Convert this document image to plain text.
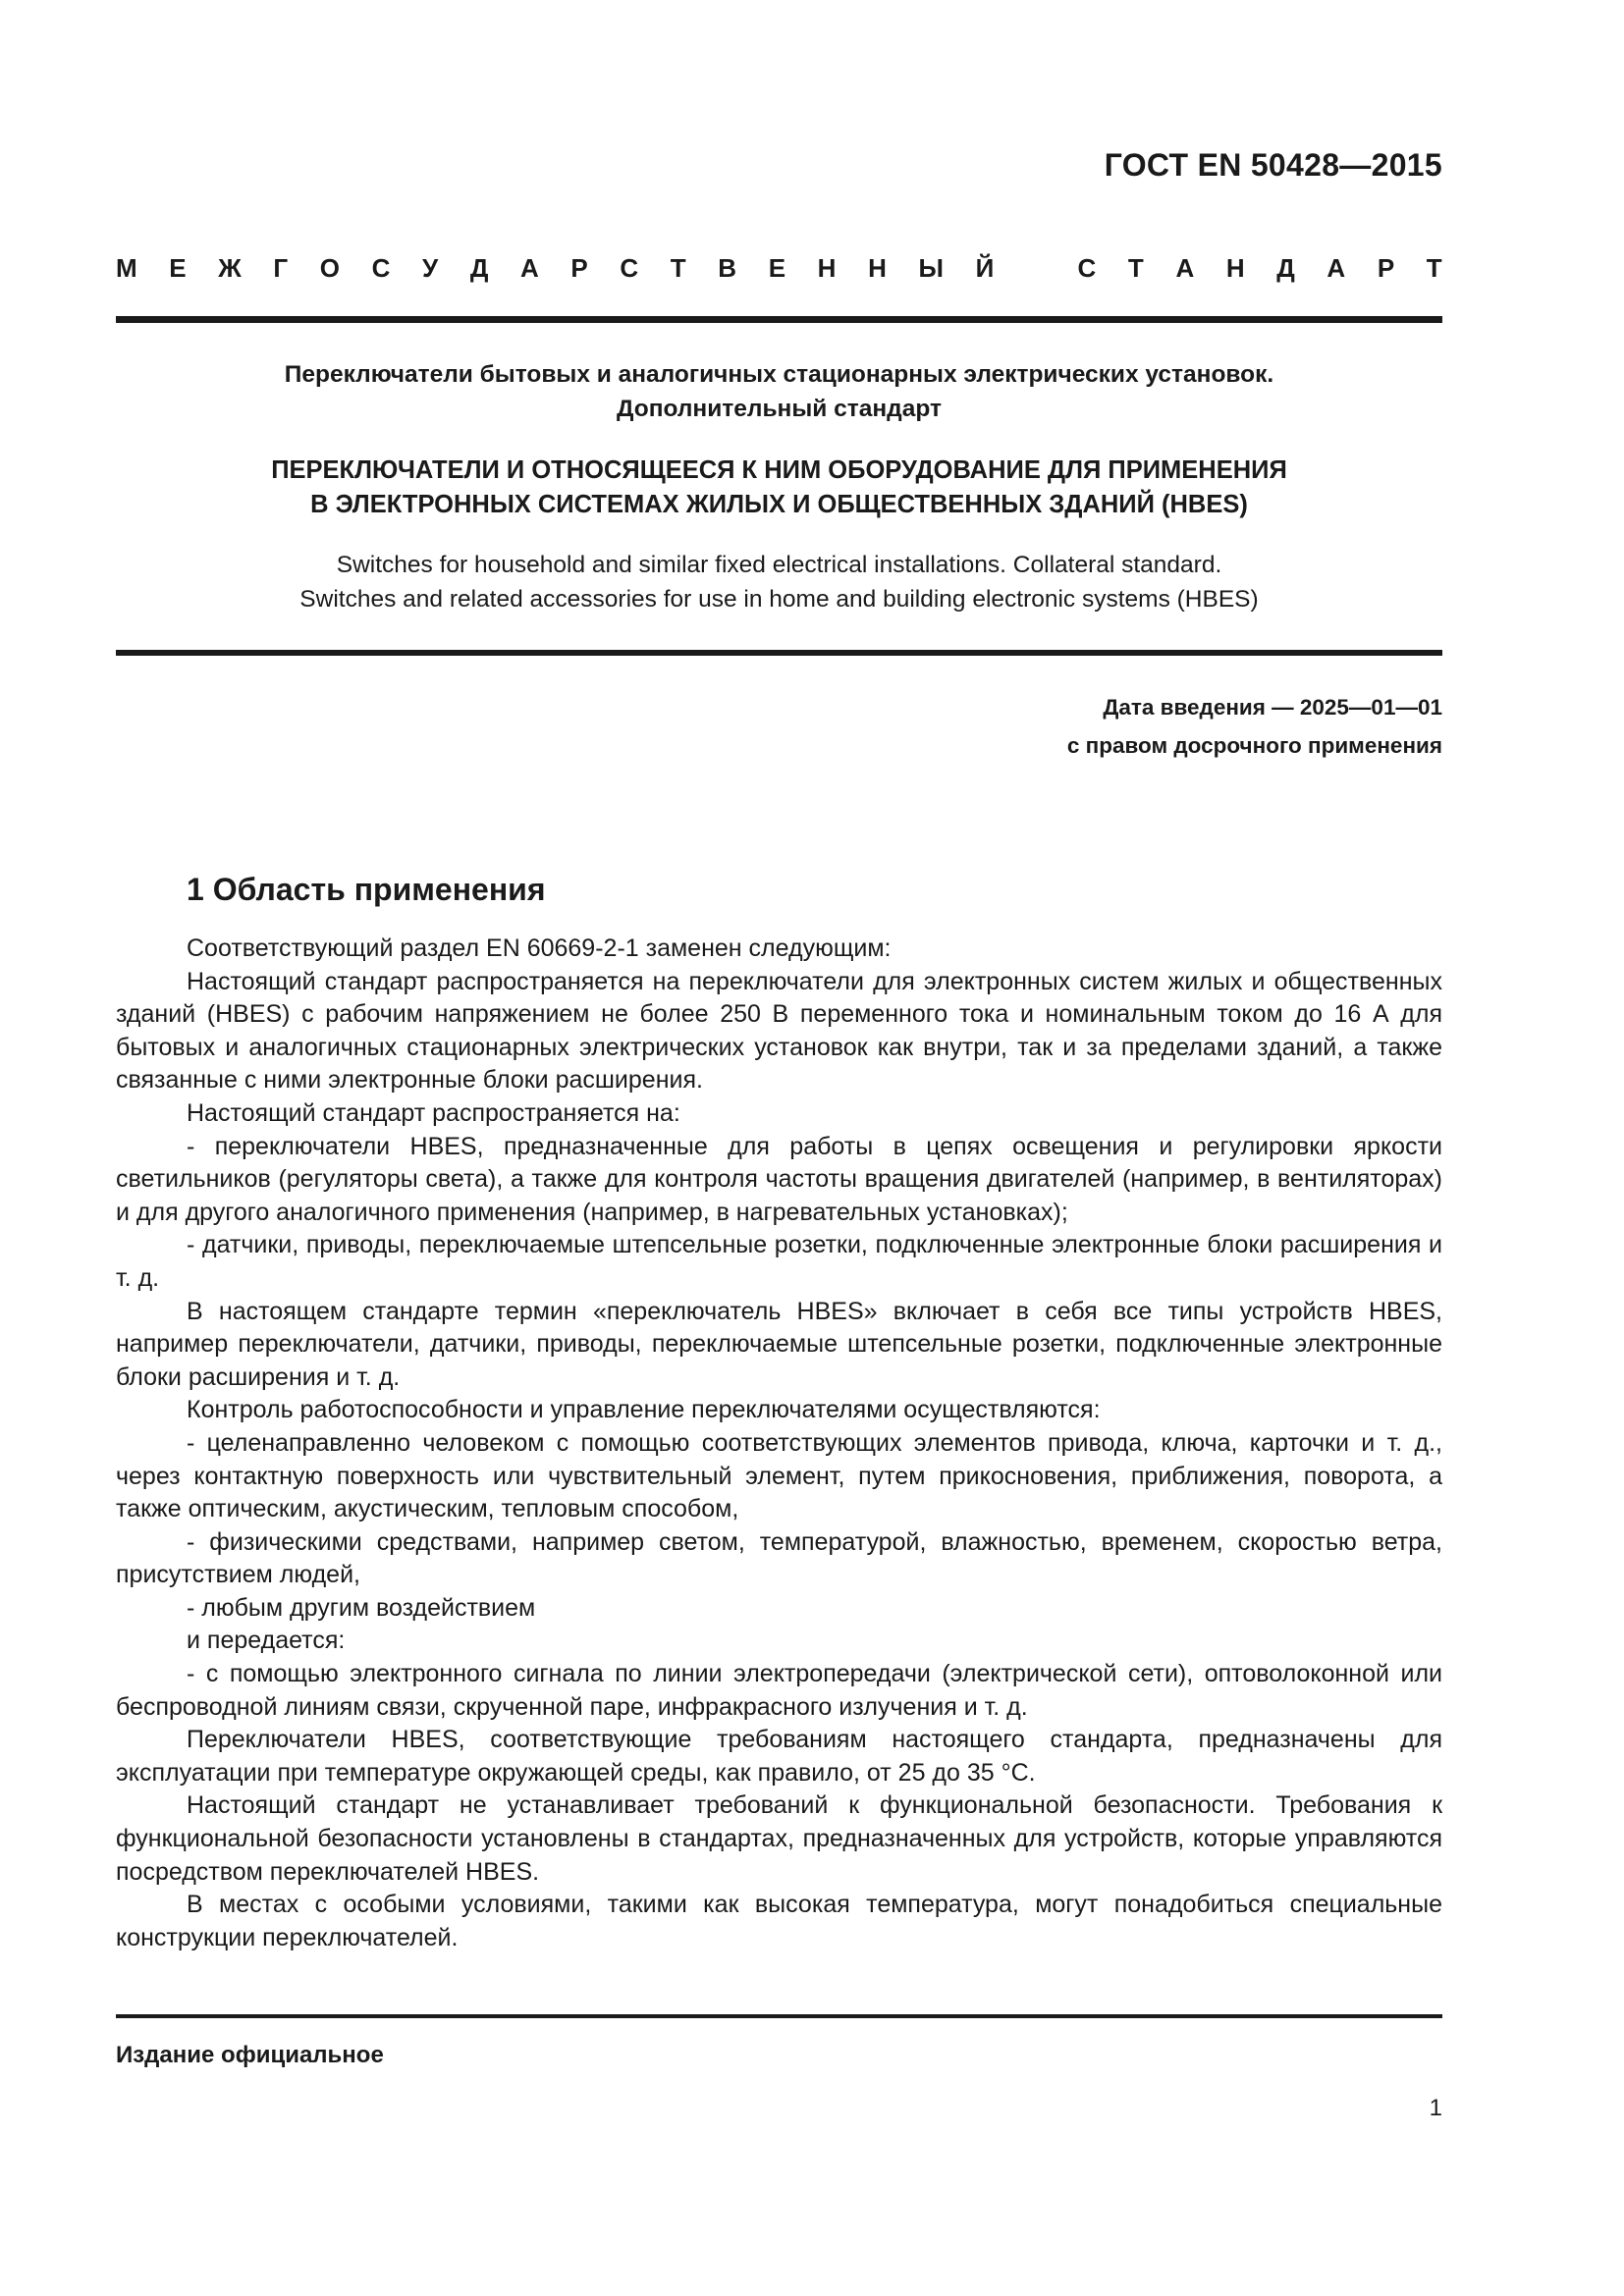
ГОСТ EN 50428—2015
М Е Ж Г О С У Д А Р С Т В Е Н Н Ы Й
	С Т А Н Д А Р Т
Переключатели бытовых и аналогичных стационарных электрических установок.
Дополнительный стандарт
ПЕРЕКЛЮЧАТЕЛИ И ОТНОСЯЩЕЕСЯ К НИМ ОБОРУДОВАНИЕ ДЛЯ ПРИМЕНЕНИЯ
В ЭЛЕКТРОННЫХ СИСТЕМАХ ЖИЛЫХ И ОБЩЕСТВЕННЫХ ЗДАНИЙ (HBES)
Switches for household and similar fixed electrical installations. Collateral standard.
Switches and related accessories for use in home and building electronic systems (HBES)
Дата введения — 2025—01—01
с правом досрочного применения
1 Область применения

Соответствующий раздел EN 60669-2-1 заменен следующим:

Настоящий стандарт распространяется на переключатели для электронных систем жилых и общественных зданий (HBES) с рабочим напряжением не более 250 В переменного тока и номинальным током до 16 А для бытовых и аналогичных стационарных электрических установок как внутри, так и за пределами зданий, а также связанные с ними электронные блоки расширения.

Настоящий стандарт распространяется на:

- переключатели HBES, предназначенные для работы в цепях освещения и регулировки яркости светильников (регуляторы света), а также для контроля частоты вращения двигателей (например, в вентиляторах) и для другого аналогичного применения (например, в нагревательных установках);

- датчики, приводы, переключаемые штепсельные розетки, подключенные электронные блоки расширения и т. д.

В настоящем стандарте термин «переключатель HBES» включает в себя все типы устройств HBES, например переключатели, датчики, приводы, переключаемые штепсельные розетки, подключенные электронные блоки расширения и т. д.

Контроль работоспособности и управление переключателями осуществляются:

- целенаправленно человеком с помощью соответствующих элементов привода, ключа, карточки и т. д., через контактную поверхность или чувствительный элемент, путем прикосновения, приближения, поворота, а также оптическим, акустическим, тепловым способом,

- физическими средствами, например светом, температурой, влажностью, временем, скоростью ветра, присутствием людей,

- любым другим воздействием

и передается:

- с помощью электронного сигнала по линии электропередачи (электрической сети), оптоволоконной или беспроводной линиям связи, скрученной паре, инфракрасного излучения и т. д.

Переключатели HBES, соответствующие требованиям настоящего стандарта, предназначены для эксплуатации при температуре окружающей среды, как правило, от 25 до 35 °С.

Настоящий стандарт не устанавливает требований к функциональной безопасности. Требования к функциональной безопасности установлены в стандартах, предназначенных для устройств, которые управляются посредством переключателей HBES.

В местах с особыми условиями, такими как высокая температура, могут понадобиться специальные конструкции переключателей.

Издание официальное
1
